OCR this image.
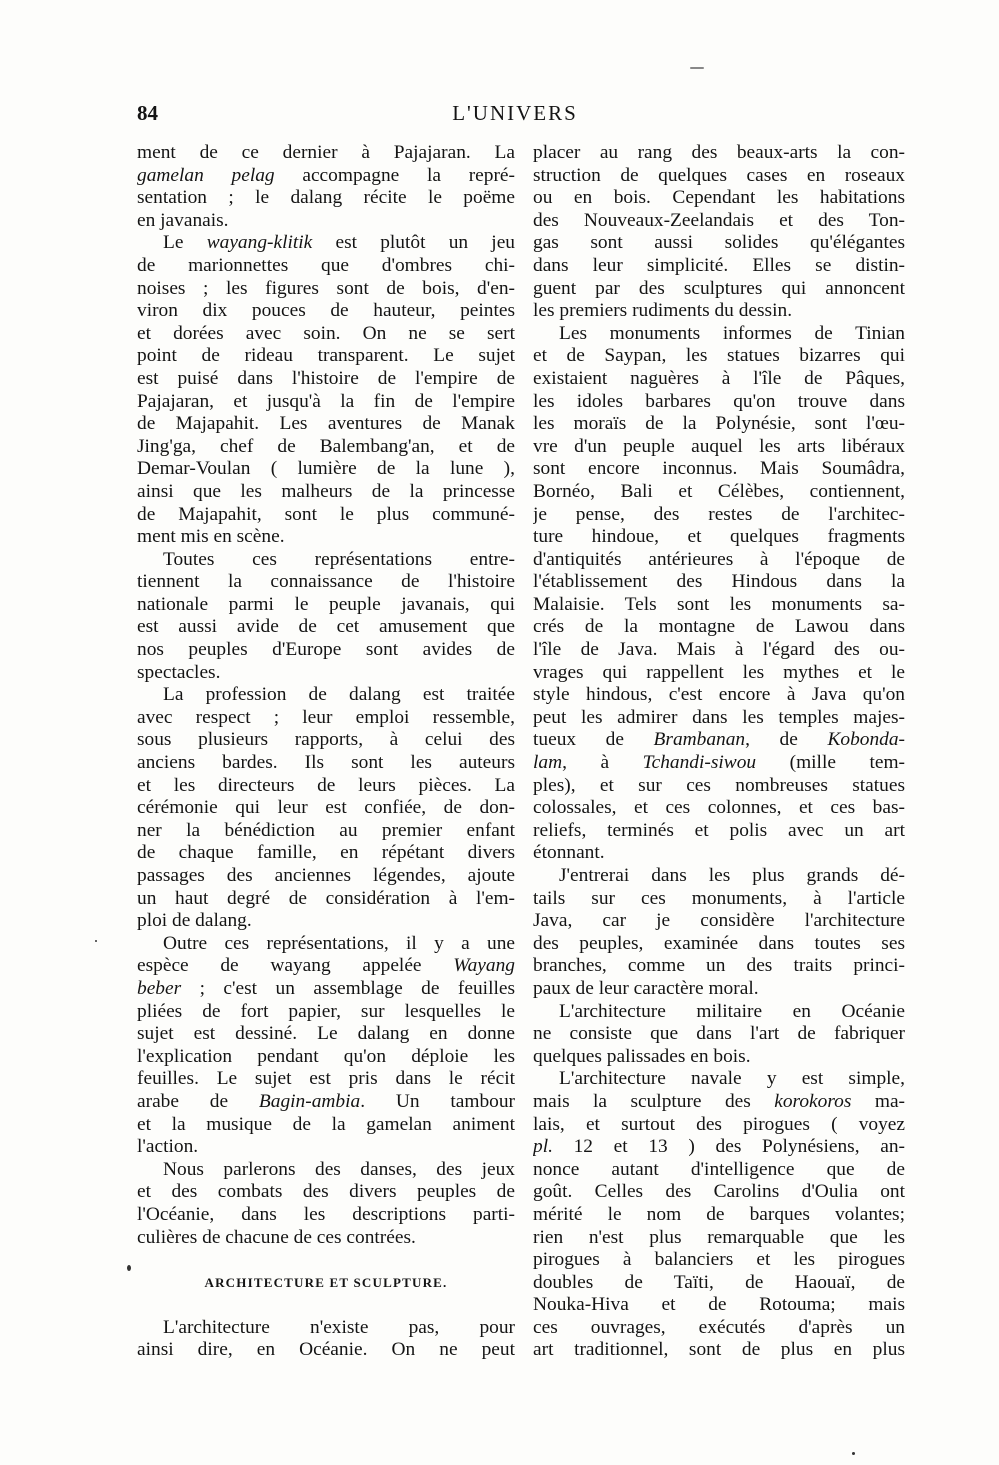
84	L'UNIVERS
ment de ce dernier à Pajajaran. La
gamelan pelag accompagne la repré-
sentation ; le dalang récite le poëme
en javanais.
Le wayang-klitik est plutôt un jeu
de marionnettes que d'ombres chi-
noises ; les figures sont de bois, d'en-
viron dix pouces de hauteur, peintes
et dorées avec soin. On ne se sert
point de rideau transparent. Le sujet
est puisé dans l'histoire de l'empire de
Pajajaran, et jusqu'à la fin de l'empire
de Majapahit. Les aventures de Manak
Jing'ga, chef de Balembang'an, et de
Demar-Voulan ( lumière de la lune ),
ainsi que les malheurs de la princesse
de Majapahit, sont le plus communé-
ment mis en scène.
Toutes ces représentations entre-
tiennent la connaissance de l'histoire
nationale parmi le peuple javanais, qui
est aussi avide de cet amusement que
nos peuples d'Europe sont avides de
spectacles.
La profession de dalang est traitée
avec respect ; leur emploi ressemble,
sous plusieurs rapports, à celui des
anciens bardes. Ils sont les auteurs
et les directeurs de leurs pièces. La
cérémonie qui leur est confiée, de don-
ner la bénédiction au premier enfant
de chaque famille, en répétant divers
passages des anciennes légendes, ajoute
un haut degré de considération à l'em-
ploi de dalang.
Outre ces représentations, il y a une
espèce de wayang appelée Wayang
beber ; c'est un assemblage de feuilles
pliées de fort papier, sur lesquelles le
sujet est dessiné. Le dalang en donne
l'explication pendant qu'on déploie les
feuilles. Le sujet est pris dans le récit
arabe de Bagin-ambia. Un tambour
et la musique de la gamelan animent
l'action.
Nous parlerons des danses, des jeux
et des combats des divers peuples de
l'Océanie, dans les descriptions parti-
culières de chacune de ces contrées.
ARCHITECTURE ET SCULPTURE.
L'architecture n'existe pas, pour
ainsi dire, en Océanie. On ne peut
placer au rang des beaux-arts la con-
struction de quelques cases en roseaux
ou en bois. Cependant les habitations
des Nouveaux-Zeelandais et des Ton-
gas sont aussi solides qu'élégantes
dans leur simplicité. Elles se distin-
guent par des sculptures qui annoncent
les premiers rudiments du dessin.
Les monuments informes de Tinian
et de Saypan, les statues bizarres qui
existaient naguères à l'île de Pâques,
les idoles barbares qu'on trouve dans
les moraïs de la Polynésie, sont l'œu-
vre d'un peuple auquel les arts libéraux
sont encore inconnus. Mais Soumâdra,
Bornéo, Bali et Célèbes, contiennent,
je pense, des restes de l'architec-
ture hindoue, et quelques fragments
d'antiquités antérieures à l'époque de
l'établissement des Hindous dans la
Malaisie. Tels sont les monuments sa-
crés de la montagne de Lawou dans
l'île de Java. Mais à l'égard des ou-
vrages qui rappellent les mythes et le
style hindous, c'est encore à Java qu'on
peut les admirer dans les temples majes-
tueux de Brambanan, de Kobonda-
lam, à Tchandi-siwou (mille tem-
ples), et sur ces nombreuses statues
colossales, et ces colonnes, et ces bas-
reliefs, terminés et polis avec un art
étonnant.
J'entrerai dans les plus grands dé-
tails sur ces monuments, à l'article
Java, car je considère l'architecture
des peuples, examinée dans toutes ses
branches, comme un des traits princi-
paux de leur caractère moral.
L'architecture militaire en Océanie
ne consiste que dans l'art de fabriquer
quelques palissades en bois.
L'architecture navale y est simple,
mais la sculpture des korokoros ma-
lais, et surtout des pirogues ( voyez
pl. 12 et 13 ) des Polynésiens, an-
nonce autant d'intelligence que de
goût. Celles des Carolins d'Oulia ont
mérité le nom de barques volantes;
rien n'est plus remarquable que les
pirogues à balanciers et les pirogues
doubles de Taïti, de Haouaï, de
Nouka-Hiva et de Rotouma; mais
ces ouvrages, exécutés d'après un
art traditionnel, sont de plus en plus
